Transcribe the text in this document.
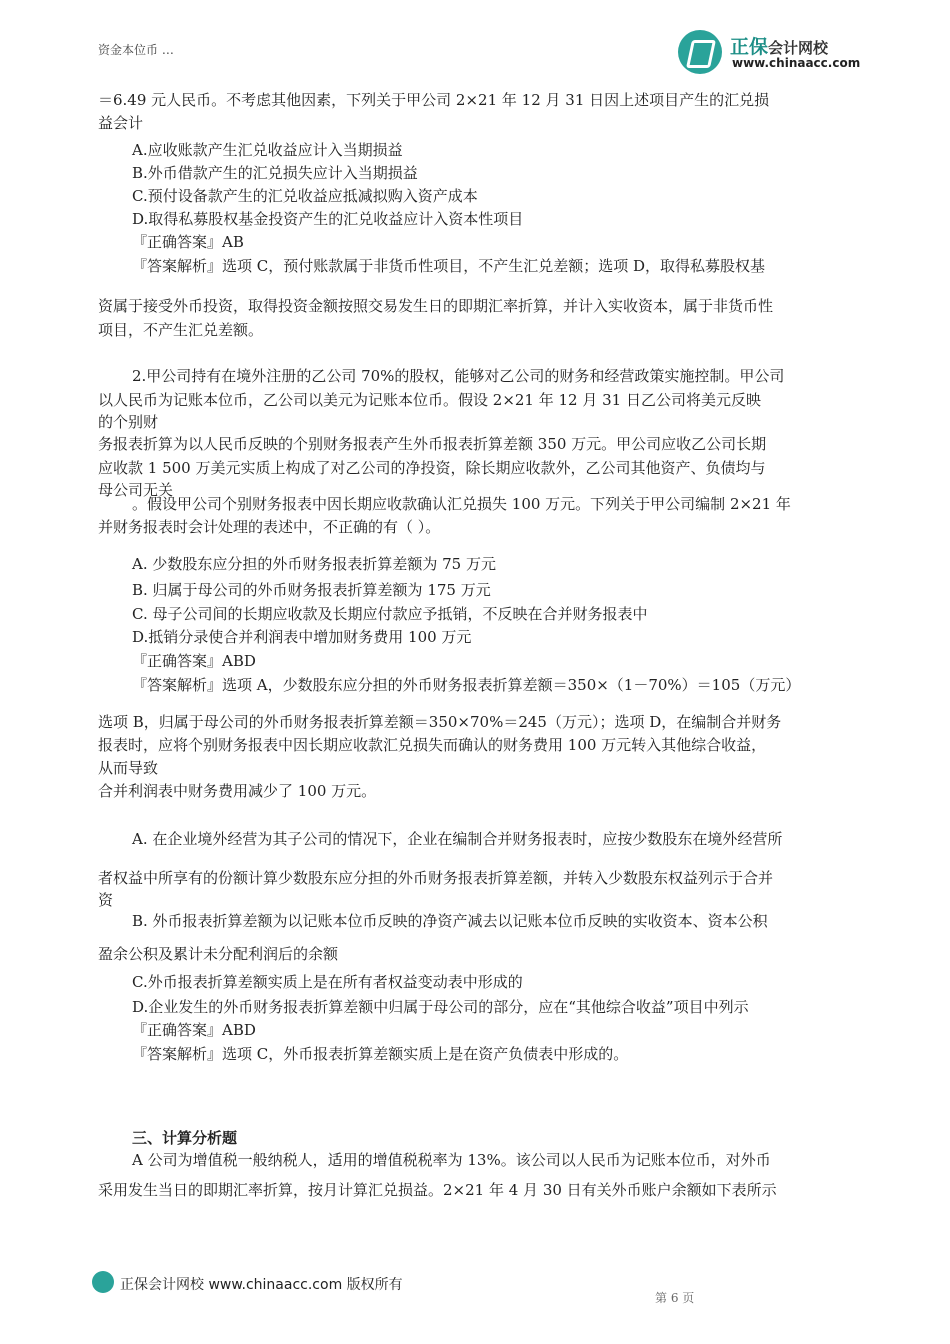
资金本位币 …	正保会计网校
www.chinaacc.com
＝6.49 元人民币。不考虑其他因素，下列关于甲公司 2×21 年 12 月 31 日因上述项目产生的汇兑损
益会计
A.应收账款产生汇兑收益应计入当期损益
B.外币借款产生的汇兑损失应计入当期损益
C.预付设备款产生的汇兑收益应抵减拟购入资产成本
D.取得私募股权基金投资产生的汇兑收益应计入资本性项目
『正确答案』AB
『答案解析』选项 C，预付账款属于非货币性项目，不产生汇兑差额；选项 D，取得私募股权基
资属于接受外币投资，取得投资金额按照交易发生日的即期汇率折算，并计入实收资本，属于非货币性
项目，不产生汇兑差额。
2.甲公司持有在境外注册的乙公司 70%的股权，能够对乙公司的财务和经营政策实施控制。甲公司
以人民币为记账本位币，乙公司以美元为记账本位币。假设 2×21 年 12 月 31 日乙公司将美元反映
的个别财
务报表折算为以人民币反映的个别财务报表产生外币报表折算差额 350 万元。甲公司应收乙公司长期
应收款 1 500 万美元实质上构成了对乙公司的净投资，除长期应收款外，乙公司其他资产、负债均与
母公司无关
。假设甲公司个别财务报表中因长期应收款确认汇兑损失 100 万元。下列关于甲公司编制 2×21 年
并财务报表时会计处理的表述中，不正确的有（ ）。
A. 少数股东应分担的外币财务报表折算差额为 75 万元
B. 归属于母公司的外币财务报表折算差额为 175 万元
C. 母子公司间的长期应收款及长期应付款应予抵销，不反映在合并财务报表中
D.抵销分录使合并利润表中增加财务费用 100 万元
『正确答案』ABD
『答案解析』选项 A，少数股东应分担的外币财务报表折算差额＝350×（1－70%）＝105（万元）
选项 B，归属于母公司的外币财务报表折算差额＝350×70%＝245（万元）；选项 D，在编制合并财务
报表时，应将个别财务报表中因长期应收款汇兑损失而确认的财务费用 100 万元转入其他综合收益，
从而导致
合并利润表中财务费用减少了 100 万元。
A. 在企业境外经营为其子公司的情况下，企业在编制合并财务报表时，应按少数股东在境外经营所
者权益中所享有的份额计算少数股东应分担的外币财务报表折算差额，并转入少数股东权益列示于合并
资
B. 外币报表折算差额为以记账本位币反映的净资产减去以记账本位币反映的实收资本、资本公积
盈余公积及累计未分配利润后的余额
C.外币报表折算差额实质上是在所有者权益变动表中形成的
D.企业发生的外币财务报表折算差额中归属于母公司的部分，应在“其他综合收益”项目中列示
『正确答案』ABD
『答案解析』选项 C，外币报表折算差额实质上是在资产负债表中形成的。
三、计算分析题
A 公司为增值税一般纳税人，适用的增值税税率为 13%。该公司以人民币为记账本位币，对外币
采用发生当日的即期汇率折算，按月计算汇兑损益。2×21 年 4 月 30 日有关外币账户余额如下表所示
正保会计网校 www.chinaacc.com 版权所有
第 6 页
